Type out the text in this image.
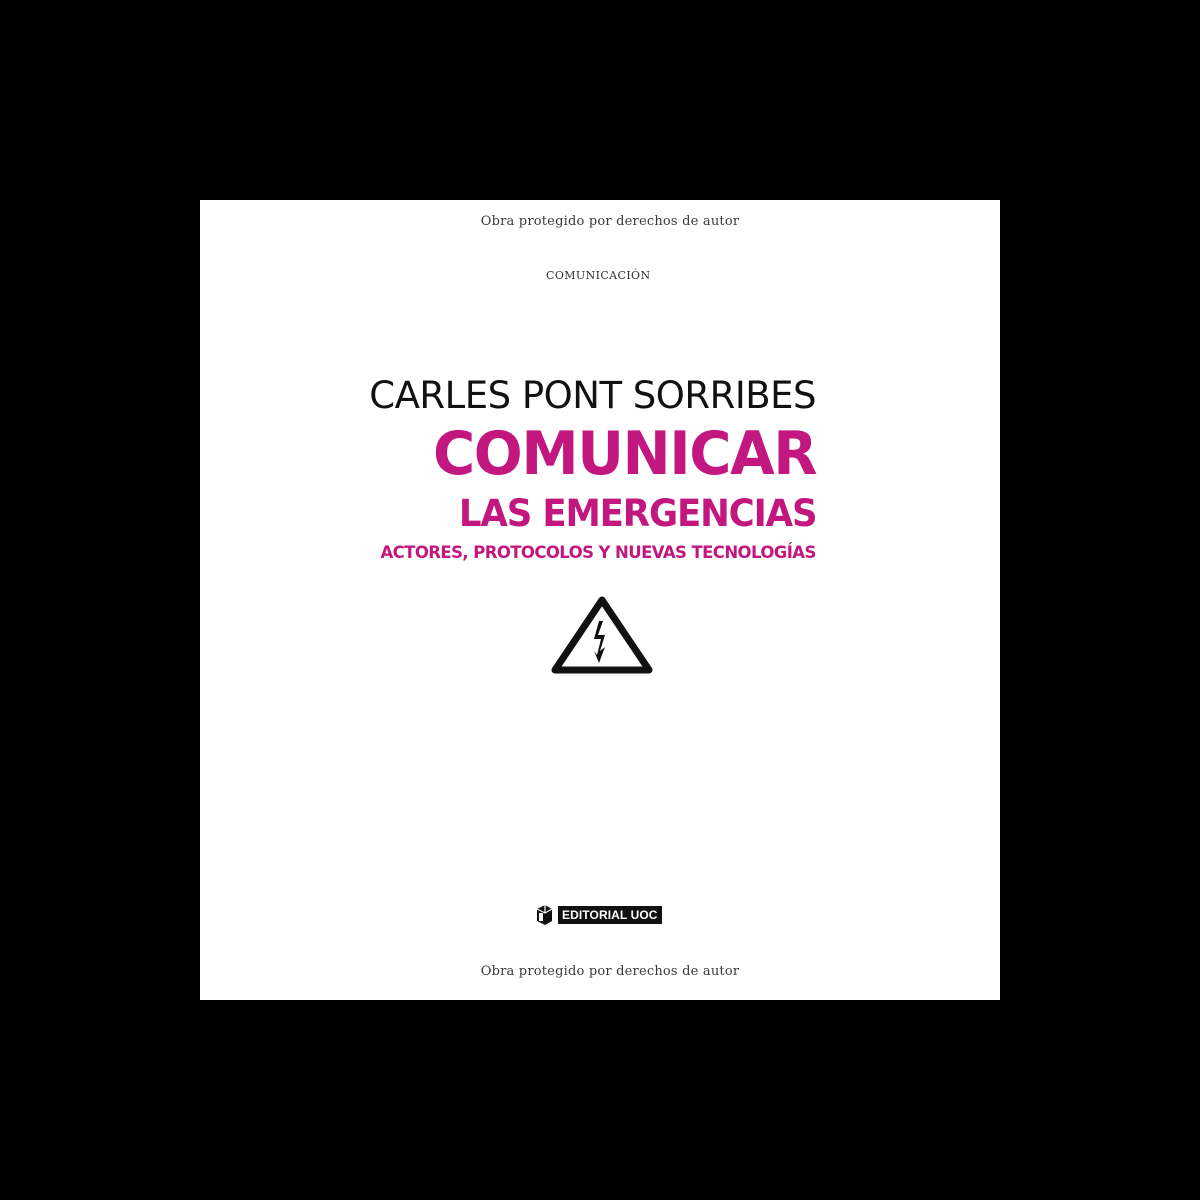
Obra protegido por derechos de autor
COMUNICACIÓN
CARLES PONT SORRIBES
COMUNICAR
LAS EMERGENCIAS
ACTORES, PROTOCOLOS Y NUEVAS TECNOLOGÍAS
EDITORIAL UOC
Obra protegido por derechos de autor
